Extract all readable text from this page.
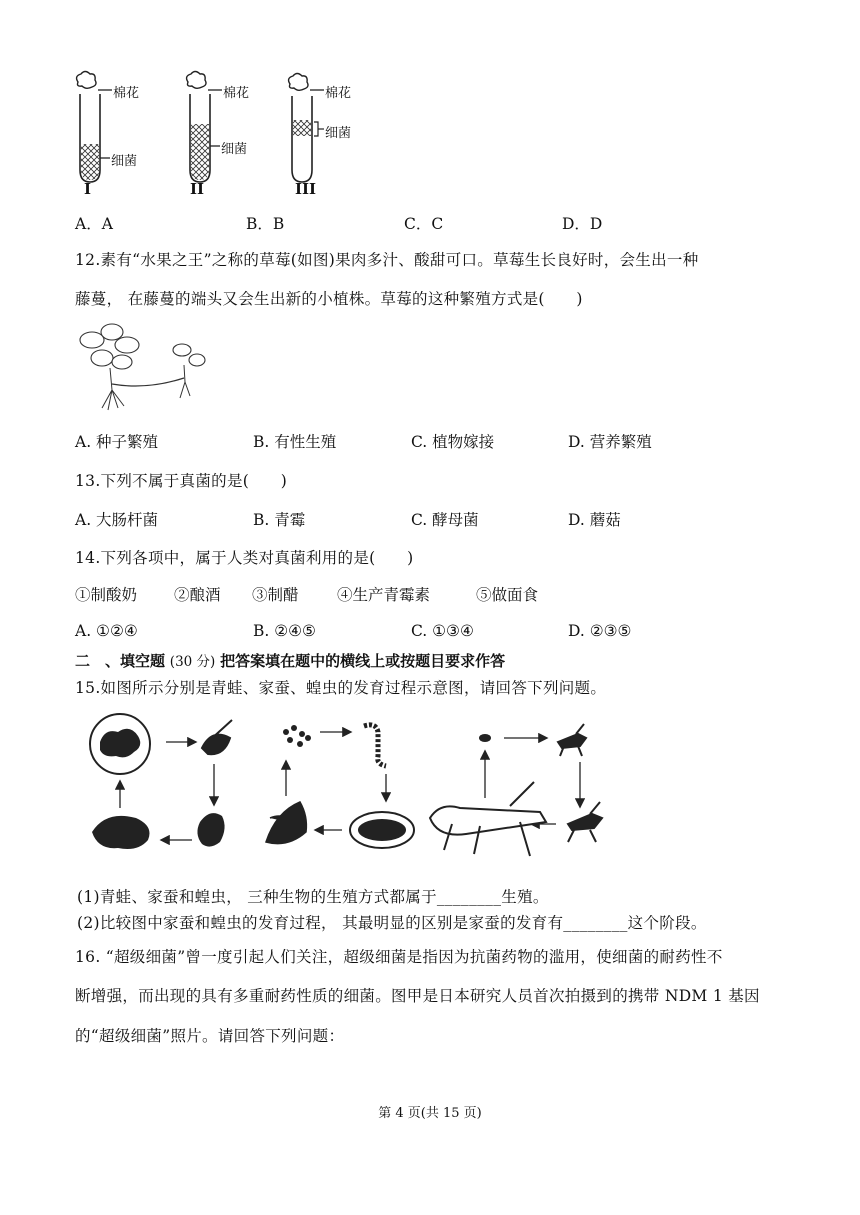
棉花
细菌
棉花
细菌
棉花
细菌
I	II	III
A．A	B．B	C．C	D．D
12.素有“水果之王”之称的草莓(如图)果肉多汁、酸甜可口。草莓生长良好时，会生出一种
藤蔓， 在藤蔓的端头又会生出新的小植株。草莓的这种繁殖方式是(　　)
A. 种子繁殖	B. 有性生殖	C. 植物嫁接	D. 营养繁殖
13.下列不属于真菌的是(　　)
A. 大肠杆菌	B. 青霉	C. 酵母菌	D. 蘑菇
14.下列各项中，属于人类对真菌利用的是(　　)
①制酸奶 ②酿酒 ③制醋 ④生产青霉素	⑤做面食
A. ①②④	B. ②④⑤	C. ①③④	D. ②③⑤
二　、填空题 (30 分) 把答案填在题中的横线上或按题目要求作答
15.如图所示分别是青蛙、家蚕、蝗虫的发育过程示意图，请回答下列问题。
(1)青蛙、家蚕和蝗虫， 三种生物的生殖方式都属于________生殖。
(2)比较图中家蚕和蝗虫的发育过程， 其最明显的区别是家蚕的发育有________这个阶段。
16. “超级细菌”曾一度引起人们关注，超级细菌是指因为抗菌药物的滥用，使细菌的耐药性不
断增强，而出现的具有多重耐药性质的细菌。图甲是日本研究人员首次拍摄到的携带 NDM 1 基因
的“超级细菌”照片。请回答下列问题：
第 4 页(共 15 页)
